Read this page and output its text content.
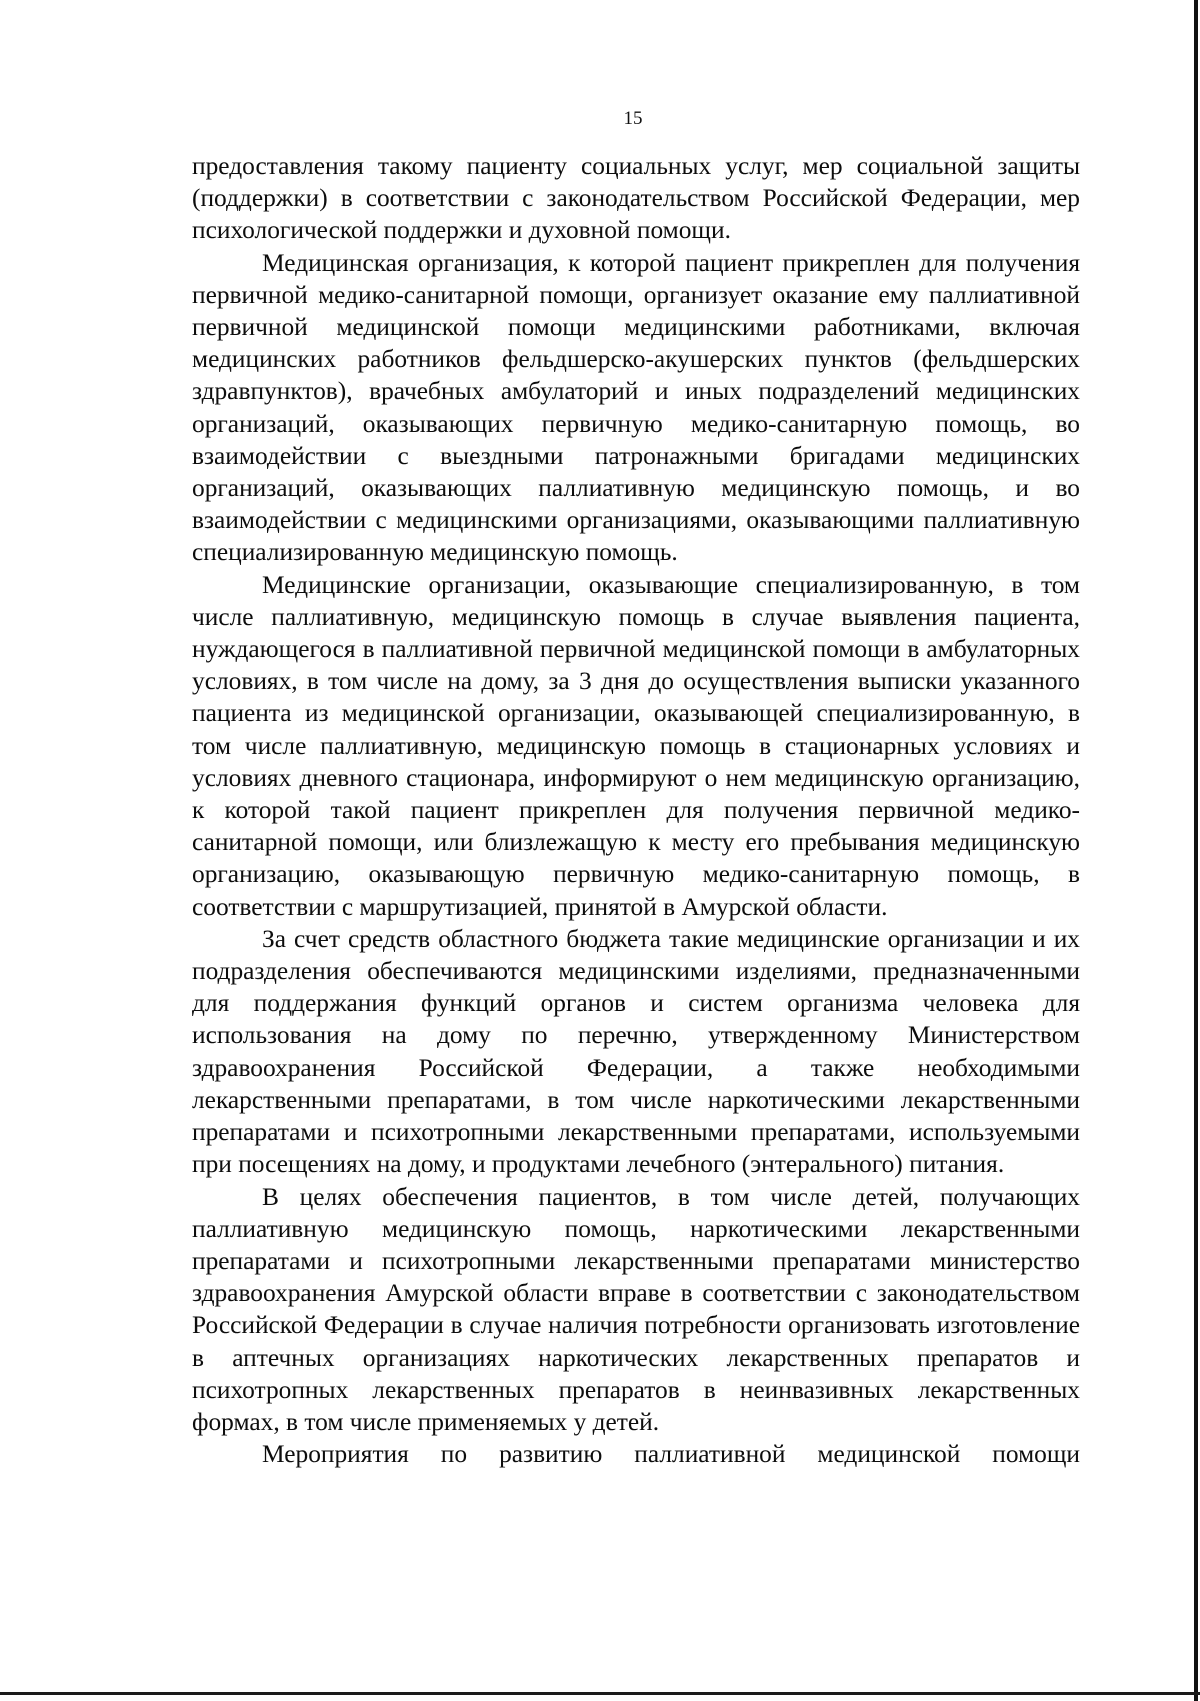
15

предоставления такому пациенту социальных услуг, мер социальной защиты (поддержки) в соответствии с законодательством Российской Федерации, мер психологической поддержки и духовной помощи.

Медицинская организация, к которой пациент прикреплен для получения первичной медико-санитарной помощи, организует оказание ему паллиативной первичной медицинской помощи медицинскими работниками, включая медицинских работников фельдшерско-акушерских пунктов (фельдшерских здравпунктов), врачебных амбулаторий и иных подразделений медицинских организаций, оказывающих первичную медико-санитарную помощь, во взаимодействии с выездными патронажными бригадами медицинских организаций, оказывающих паллиативную медицинскую помощь, и во взаимодействии с медицинскими организациями, оказывающими паллиативную специализированную медицинскую помощь.

Медицинские организации, оказывающие специализированную, в том числе паллиативную, медицинскую помощь в случае выявления пациента, нуждающегося в паллиативной первичной медицинской помощи в амбулаторных условиях, в том числе на дому, за 3 дня до осуществления выписки указанного пациента из медицинской организации, оказывающей специализированную, в том числе паллиативную, медицинскую помощь в стационарных условиях и условиях дневного стационара, информируют о нем медицинскую организацию, к которой такой пациент прикреплен для получения первичной медико-санитарной помощи, или близлежащую к месту его пребывания медицинскую организацию, оказывающую первичную медико-санитарную помощь, в соответствии с маршрутизацией, принятой в Амурской области.

За счет средств областного бюджета такие медицинские организации и их подразделения обеспечиваются медицинскими изделиями, предназначенными для поддержания функций органов и систем организма человека для использования на дому по перечню, утвержденному Министерством здравоохранения Российской Федерации, а также необходимыми лекарственными препаратами, в том числе наркотическими лекарственными препаратами и психотропными лекарственными препаратами, используемыми при посещениях на дому, и продуктами лечебного (энтерального) питания.

В целях обеспечения пациентов, в том числе детей, получающих паллиативную медицинскую помощь, наркотическими лекарственными препаратами и психотропными лекарственными препаратами министерство здравоохранения Амурской области вправе в соответствии с законодательством Российской Федерации в случае наличия потребности организовать изготовление в аптечных организациях наркотических лекарственных препаратов и психотропных лекарственных препаратов в неинвазивных лекарственных формах, в том числе применяемых у детей.

Мероприятия по развитию паллиативной медицинской помощи
